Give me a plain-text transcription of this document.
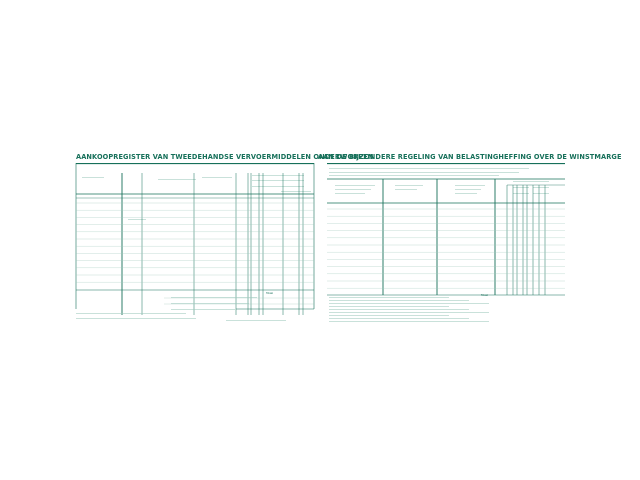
AANKOOPREGISTER VAN TWEEDEHANDSE VERVOERMIDDELEN ONDERWORPEN
Totaal
AAN DE BIJZONDERE REGELING VAN BELASTINGHEFFING OVER DE WINSTMARGE
Totaal
